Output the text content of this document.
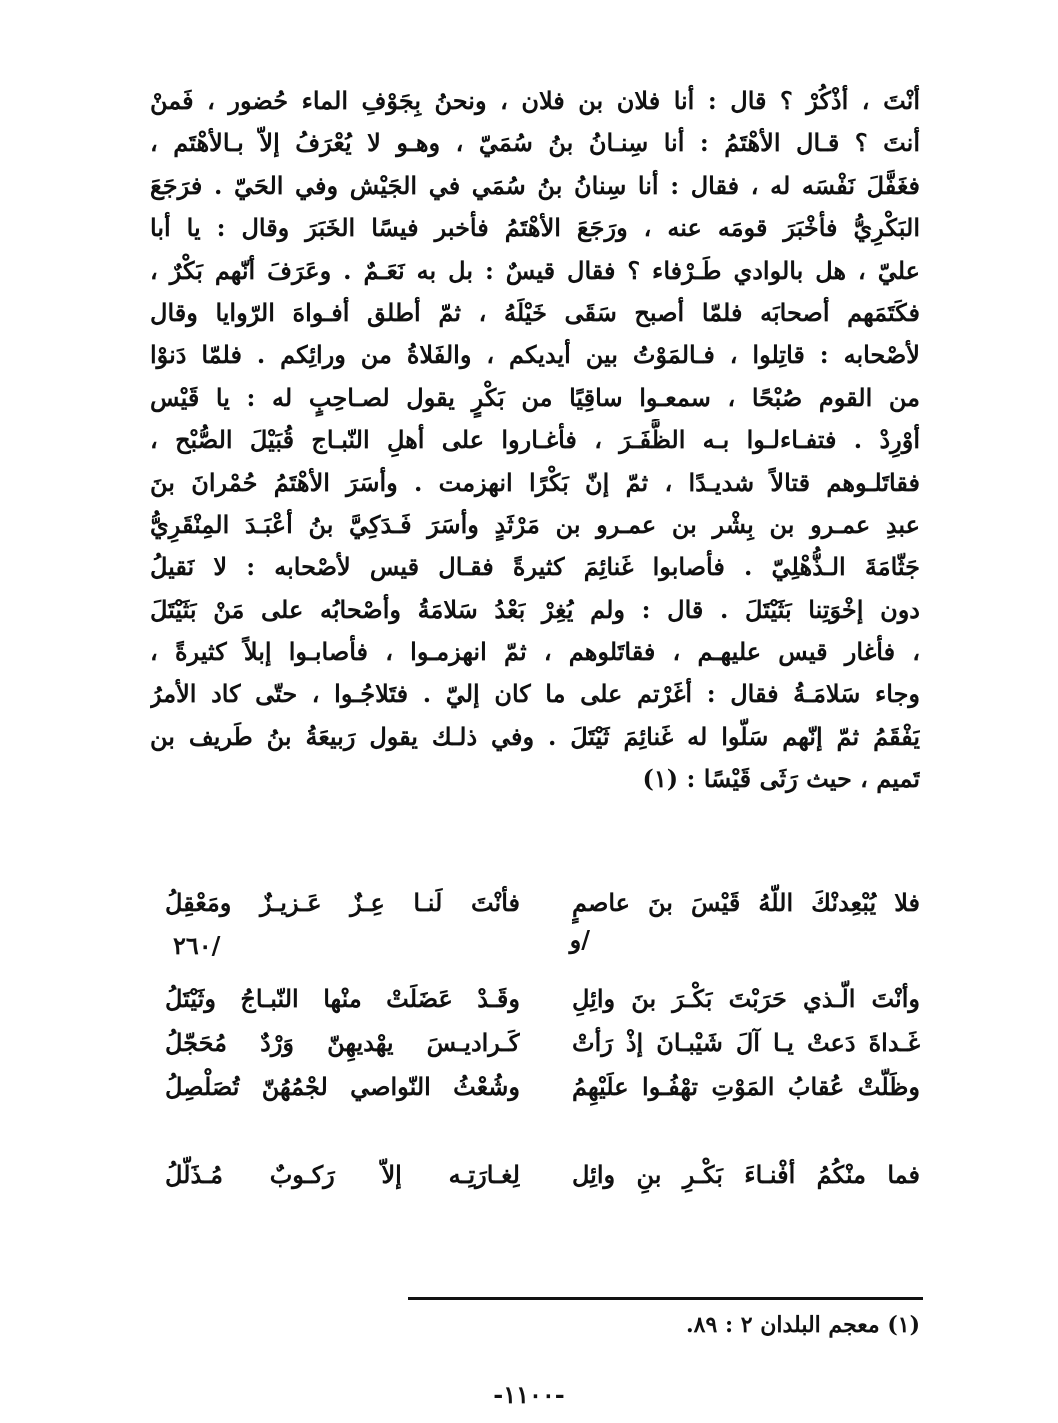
أنْتَ ، أذْكُرْ ؟ قال : أنا فلان بن فلان ، ونحنُ بِجَوْفِ الماء حُضور ، فَمنْ
أنتَ ؟ قـال الأهْتَمُ : أنا سِنـانُ بنُ سُمَيّ ، وهـو لا يُعْرَفُ إلاّ بـالأهْتَم ،
فغَفَّلَ نَفْسَه له ، فقال : أنا سِنانُ بنُ سُمَي في الجَيْش وفي الحَيّ . فرَجَعَ
البَكْرِيُّ فأخْبَرَ قومَه عنه ، ورَجَعَ الأهْتَمُ فأخبر فيسًا الخَبَرَ وقال : يا أبا
عليّ ، هل بالوادي طَـرْفاء ؟ فقال قيسٌ : بل به نَعَـمٌ . وعَرَفَ أنّهم بَكْرٌ ،
فكَتَمَهم أصحابَه فلمّا أصبح سَقَى خَيْلَهُ ، ثمّ أطلق أفـواهَ الرّوايا وقال
لأصْحابه : قاتِلوا ، فـالمَوْتُ بين أيديكم ، والفَلاةُ من ورائِكم . فلمّا دَنوْا
من القوم صُبْحًا ، سمعـوا ساقِيًا من بَكْرٍ يقول لصـاحِبٍ له : يا قَيْس
أوْرِدْ . فتفـاءلـوا بـه الظَّفَـرَ ، فأغـاروا على أهلِ النّبـاج قُبَيْلَ الصُّبْح ،
فقاتَلـوهم قتالاً شديـدًا ، ثمّ إنّ بَكْرًا انهزمت . وأسَرَ الأهْتَمُ حُمْرانَ بنَ
عبدِ عمـرو بن بِشْر بن عمـرو بن مَرْثَدٍ وأسَرَ فَـدَكِيَّ بنُ أعْبَـدَ المِنْقَرِيُّ
جَثّامَةَ الـذُّهْلِيّ . فأصابوا غَنائِمَ كثيرةً فقـال قيس لأصْحابه : لا نَقيلُ
دون إخْوَتِنا بَثَيْتَلَ . قال : ولم يُغِرْ بَعْدُ سَلامَةُ وأصْحابُه على مَنْ بَثَيْتَلَ
، فأغار قيس عليهـم ، فقاتَلوهم ، ثمّ انهزمـوا ، فأصابـوا إبلاً كثيرةً ،
وجاء سَلامَـةُ فقال : أغَرْتم على ما كان إليّ . فتَلاجُـوا ، حتّى كاد الأمرُ
يَفْقَمُ ثمّ إنّهم سَلّوا له غَنائِمَ ثَيْتَلَ . وفي ذلـك يقول رَبيعَةُ بنُ طَريف بن
تَميم ، حيث رَثَى قَيْسًا : (١)
فلا يُبْعِدنْكَ اللّهُ قَيْسَ بنَ عاصمٍ
فأنْتَ لَنـا عِـزٌ عَـزيـزٌ ومَعْقِلُ
٢٦٠/	و/
وأنْتَ الّـذي حَرَبْتَ بَكْـرَ بنَ وائِلِ
وقَـدْ عَضَلَتْ منْها النّبـاجُ وثَيْتَلُ
غَـداةَ دَعتْ يـا آلَ شَيْبـانَ إذْ رَأتْ
كَـراديـسَ يهْديهِنّ وَرْدٌ مُحَجّلُ
وظَلّتْ عُقابُ المَوْتِ تهْفُـوا علَيْهِمُ
وشُعْثُ النّواصي لجْمُهُنّ تُصَلْصِلُ
فما منْكُمُ أفْنـاءَ بَكْـرِ بنِ وائِل
لِغـارَتِـه إلاّ رَكـوبٌ مُـذَلّلُ
(١) معجم البلدان ٢ : ٨٩.
-١١٠٠-
